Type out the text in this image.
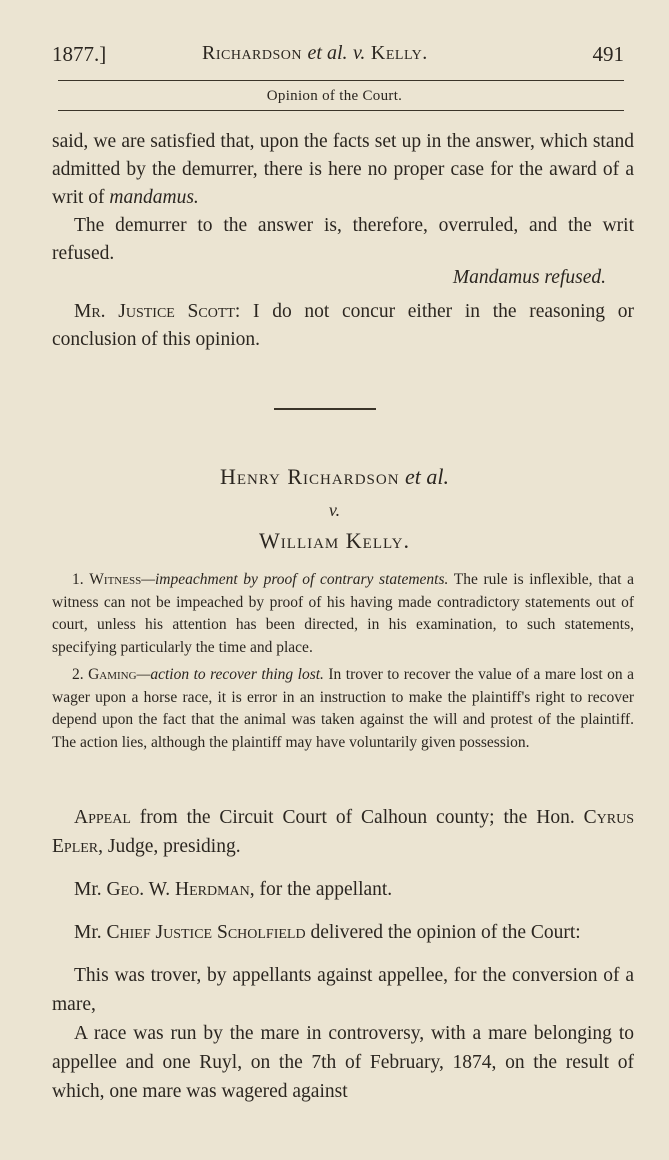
1877.]	Richardson et al. v. Kelly.	491
Opinion of the Court.

said, we are satisfied that, upon the facts set up in the answer, which stand admitted by the demurrer, there is here no proper case for the award of a writ of mandamus.

The demurrer to the answer is, therefore, overruled, and the writ refused.

Mandamus refused.

Mr. Justice Scott: I do not concur either in the reasoning or conclusion of this opinion.

Henry Richardson et al.
v.
William Kelly.

1. Witness—impeachment by proof of contrary statements. The rule is inflexible, that a witness can not be impeached by proof of his having made contradictory statements out of court, unless his attention has been directed, in his examination, to such statements, specifying particularly the time and place.

2. Gaming—action to recover thing lost. In trover to recover the value of a mare lost on a wager upon a horse race, it is error in an instruction to make the plaintiff's right to recover depend upon the fact that the animal was taken against the will and protest of the plaintiff. The action lies, although the plaintiff may have voluntarily given possession.

Appeal from the Circuit Court of Calhoun county; the Hon. Cyrus Epler, Judge, presiding.

Mr. Geo. W. Herdman, for the appellant.

Mr. Chief Justice Scholfield delivered the opinion of the Court:

This was trover, by appellants against appellee, for the conversion of a mare,

A race was run by the mare in controversy, with a mare belonging to appellee and one Ruyl, on the 7th of February, 1874, on the result of which, one mare was wagered against
